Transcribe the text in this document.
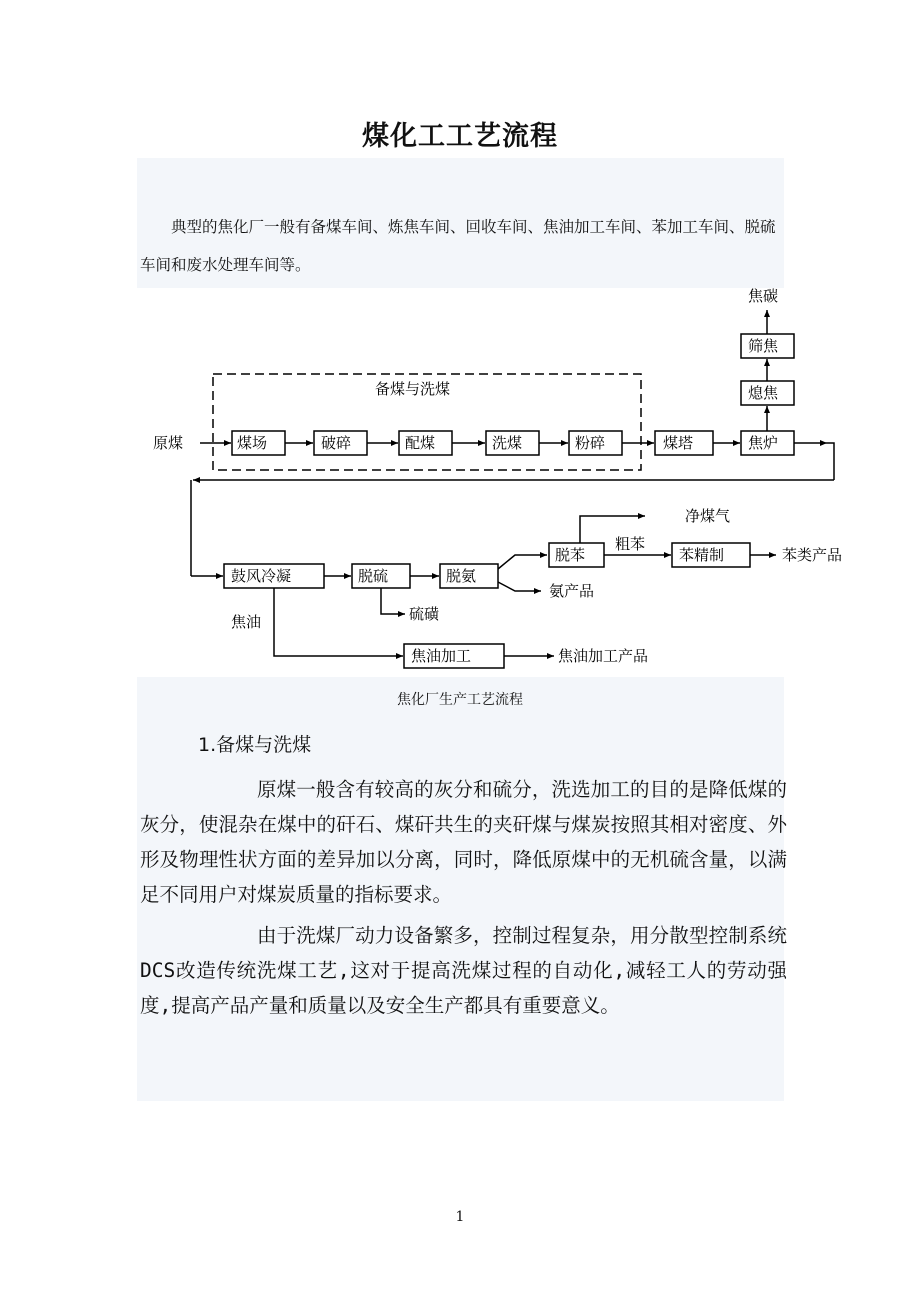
煤化工工艺流程
典型的焦化厂一般有备煤车间、炼焦车间、回收车间、焦油加工车间、苯加工车间、脱硫车间和废水处理车间等。
备煤与洗煤
原煤	煤场	破碎	配煤	洗煤	粉碎	煤塔	焦炉
熄焦
筛焦
焦碳
鼓风冷凝	脱硫	脱氨
脱苯
净煤气
粗苯
苯精制	苯类产品
氨产品
硫磺
焦油
焦油加工	焦油加工产品
焦化厂生产工艺流程
1.备煤与洗煤

原煤一般含有较高的灰分和硫分，洗选加工的目的是降低煤的灰分，使混杂在煤中的矸石、煤矸共生的夹矸煤与煤炭按照其相对密度、外形及物理性状方面的差异加以分离，同时，降低原煤中的无机硫含量，以满足不同用户对煤炭质量的指标要求。

由于洗煤厂动力设备繁多，控制过程复杂，用分散型控制系统DCS改造传统洗煤工艺,这对于提高洗煤过程的自动化,减轻工人的劳动强度,提高产品产量和质量以及安全生产都具有重要意义。

1
